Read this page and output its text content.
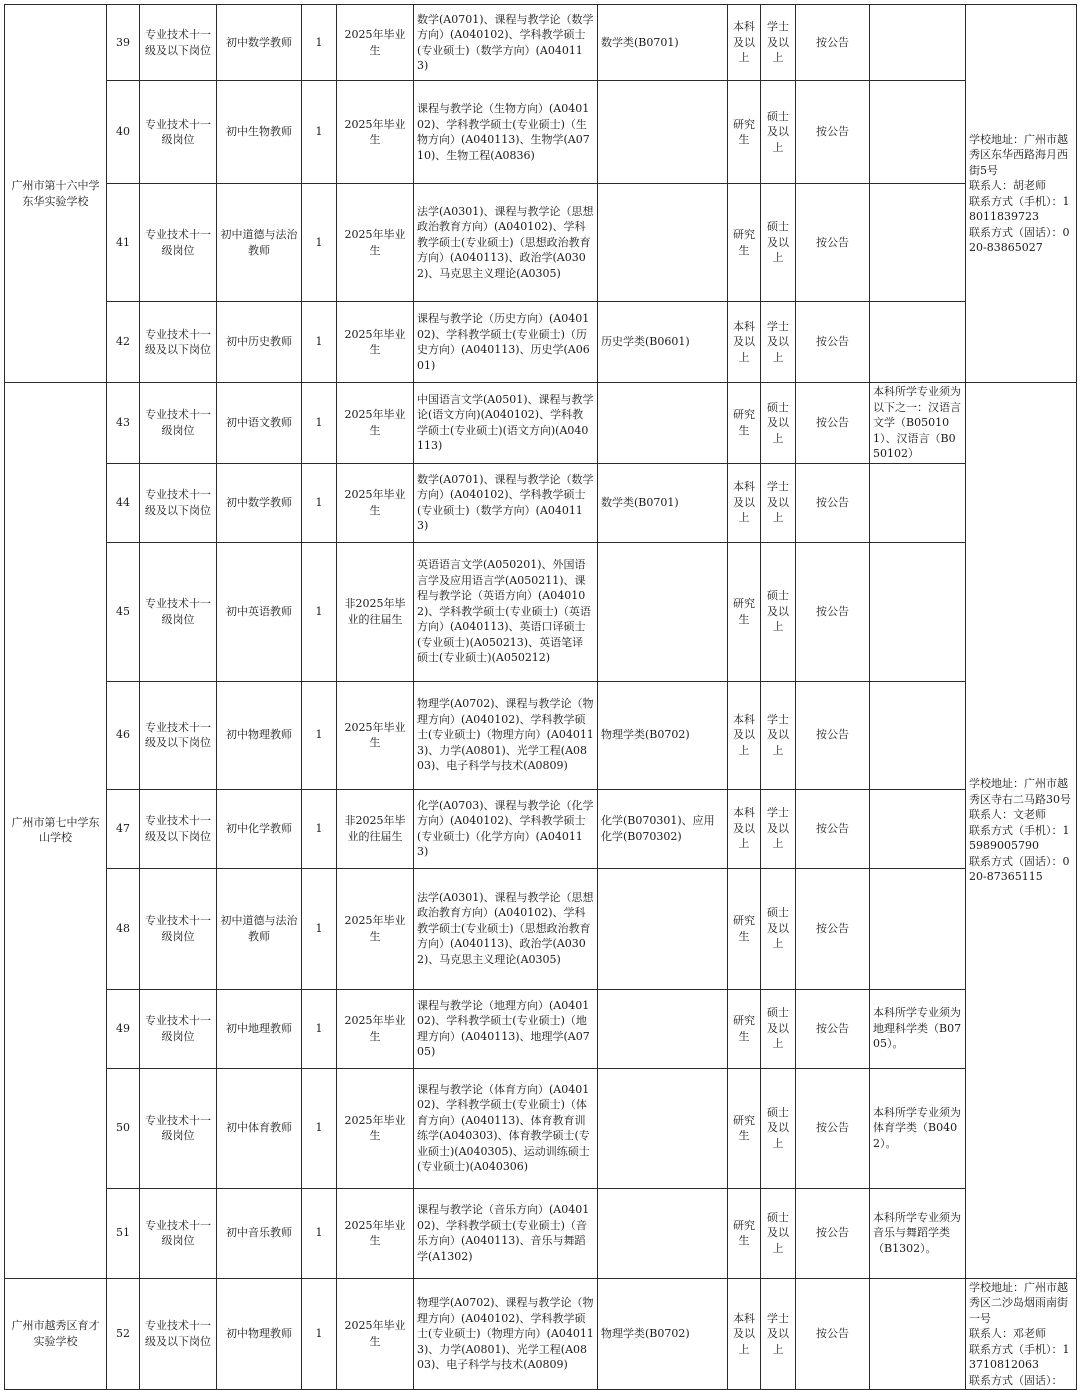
广州市第十六中学东华实验学校	39	专业技术十一级及以下岗位	初中数学教师	1	2025年毕业生	数学(A0701)、课程与教学论（数学方向）(A040102)、学科教学硕士(专业硕士)（数学方向）(A040113)	数学类(B0701)	本科及以上	学士及以上	按公告		学校地址：广州市越秀区东华西路海月西街5号
联系人：胡老师
联系方式（手机）：18011839723
联系方式（固话）：020-83865027

	40	专业技术十一级岗位	初中生物教师	1	2025年毕业生	课程与教学论（生物方向）(A040102)、学科教学硕士(专业硕士)（生物方向）(A040113)、生物学(A0710)、生物工程(A0836)		研究生	硕士及以上	按公告		
	41	专业技术十一级岗位	初中道德与法治教师	1	2025年毕业生	法学(A0301)、课程与教学论（思想政治教育方向）(A040102)、学科教学硕士(专业硕士)（思想政治教育方向）(A040113)、政治学(A0302)、马克思主义理论(A0305)		研究生	硕士及以上	按公告		
	42	专业技术十一级及以下岗位	初中历史教师	1	2025年毕业生	课程与教学论（历史方向）(A040102)、学科教学硕士(专业硕士)（历史方向）(A040113)、历史学(A0601)	历史学类(B0601)	本科及以上	学士及以上	按公告		
广州市第七中学东山学校	43	专业技术十一级岗位	初中语文教师	1	2025年毕业生	中国语言文学(A0501)、课程与教学论(语文方向)(A040102)、学科教学硕士(专业硕士)(语文方向)(A040113)		研究生	硕士及以上	按公告	本科所学专业须为以下之一：汉语言文学（B050101）、汉语言（B050102）	学校地址：广州市越秀区寺右二马路30号
联系人：文老师
联系方式（手机）：15989005790
联系方式（固话）：020-87365115

	44	专业技术十一级及以下岗位	初中数学教师	1	2025年毕业生	数学(A0701)、课程与教学论（数学方向）(A040102)、学科教学硕士(专业硕士)（数学方向）(A040113)	数学类(B0701)	本科及以上	学士及以上	按公告		
	45	专业技术十一级岗位	初中英语教师	1	非2025年毕业的往届生	英语语言文学(A050201)、外国语言学及应用语言学(A050211)、课程与教学论（英语方向）(A040102)、学科教学硕士(专业硕士)（英语方向）(A040113)、英语口译硕士(专业硕士)(A050213)、英语笔译硕士(专业硕士)(A050212)		研究生	硕士及以上	按公告		
	46	专业技术十一级及以下岗位	初中物理教师	1	2025年毕业生	物理学(A0702)、课程与教学论（物理方向）(A040102)、学科教学硕士(专业硕士)（物理方向）(A040113)、力学(A0801)、光学工程(A0803)、电子科学与技术(A0809)	物理学类(B0702)	本科及以上	学士及以上	按公告		
	47	专业技术十一级及以下岗位	初中化学教师	1	非2025年毕业的往届生	化学(A0703)、课程与教学论（化学方向）(A040102)、学科教学硕士(专业硕士)（化学方向）(A040113)	化学(B070301)、应用化学(B070302)	本科及以上	学士及以上	按公告		
	48	专业技术十一级岗位	初中道德与法治教师	1	2025年毕业生	法学(A0301)、课程与教学论（思想政治教育方向）(A040102)、学科教学硕士(专业硕士)（思想政治教育方向）(A040113)、政治学(A0302)、马克思主义理论(A0305)		研究生	硕士及以上	按公告		
	49	专业技术十一级岗位	初中地理教师	1	2025年毕业生	课程与教学论（地理方向）(A040102)、学科教学硕士(专业硕士)（地理方向）(A040113)、地理学(A0705)		研究生	硕士及以上	按公告	本科所学专业须为地理科学类（B0705）。	
	50	专业技术十一级岗位	初中体育教师	1	2025年毕业生	课程与教学论（体育方向）(A040102)、学科教学硕士(专业硕士)（体育方向）(A040113)、体育教育训练学(A040303)、体育教学硕士(专业硕士)(A040305)、运动训练硕士(专业硕士)(A040306)		研究生	硕士及以上	按公告	本科所学专业须为体育学类（B0402）。	
	51	专业技术十一级岗位	初中音乐教师	1	2025年毕业生	课程与教学论（音乐方向）(A040102)、学科教学硕士(专业硕士)（音乐方向）(A040113)、音乐与舞蹈学(A1302)		研究生	硕士及以上	按公告	本科所学专业须为音乐与舞蹈学类（B1302）。	
广州市越秀区育才实验学校	52	专业技术十一级及以下岗位	初中物理教师	1	2025年毕业生	物理学(A0702)、课程与教学论（物理方向）(A040102)、学科教学硕士(专业硕士)（物理方向）(A040113)、力学(A0801)、光学工程(A0803)、电子科学与技术(A0809)	物理学类(B0702)	本科及以上	学士及以上	按公告		学校地址：广州市越秀区二沙岛烟雨南街一号
联系人：邓老师
联系方式（手机）：13710812063
联系方式（固话）：
